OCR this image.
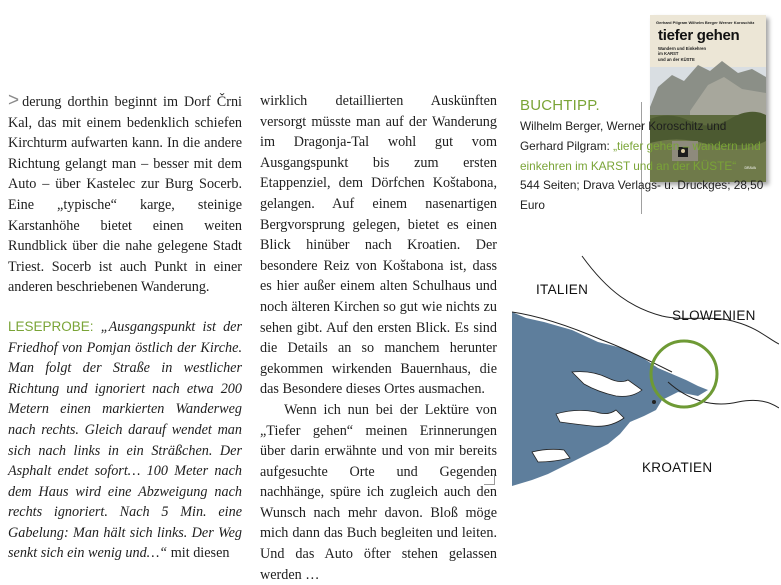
> derung dorthin beginnt im Dorf Črni Kal, das mit einem bedenklich schiefen Kirchturm aufwarten kann. In die andere Richtung gelangt man – besser mit dem Auto – über Kastelec zur Burg Socerb. Eine „typische“ karge, steinige Karstanhöhe bietet einen weiten Rundblick über die nahe gelegene Stadt Triest. Socerb ist auch Punkt in einer anderen beschriebenen Wanderung.

LESEPROBE: „Ausgangspunkt ist der Friedhof von Pomjan östlich der Kirche. Man folgt der Straße in westlicher Richtung und ignoriert nach etwa 200 Metern einen markierten Wanderweg nach rechts. Gleich darauf wendet man sich nach links in ein Sträßchen. Der Asphalt endet sofort… 100 Meter nach dem Haus wird eine Abzweigung nach rechts ignoriert. Nach 5 Min. eine Gabelung: Man hält sich links. Der Weg senkt sich ein wenig und…“ mit diesen

wirklich detaillierten Auskünften versorgt müsste man auf der Wanderung im Dragonja-Tal wohl gut vom Ausgangspunkt bis zum ersten Etappenziel, dem Dörfchen Koštabona, gelangen. Auf einem nasenartigen Bergvorsprung gelegen, bietet es einen Blick hinüber nach Kroatien. Der besondere Reiz von Koštabona ist, dass es hier außer einem alten Schulhaus und noch älteren Kirchen so gut wie nichts zu sehen gibt. Auf den ersten Blick. Es sind die Details an so manchem herunter gekommen wirkenden Bauernhaus, die das Besondere dieses Ortes ausmachen.

Wenn ich nun bei der Lektüre von „Tiefer gehen“ meinen Erinnerungen über darin erwähnte und von mir bereits aufgesuchte Orte und Gegenden nachhänge, spüre ich zugleich auch den Wunsch nach mehr davon. Bloß möge mich dann das Buch begleiten und leiten. Und das Auto öfter stehen gelassen werden …

Gerhard Pilgram Wilhelm Berger Werner Koroschitz
tiefer gehen
Wandern und Einkehren
im KARST
und an der KÜSTE
DRAVA
BUCHTIPP.
Wilhelm Berger, Werner Koroschitz und Gerhard Pilgram: „tiefer gehen – wandern und einkehren im KARST und an der KÜSTE“
544 Seiten; Drava Verlags- u. Druckges; 28,50 Euro
ITALIEN
SLOWENIEN
KROATIEN
